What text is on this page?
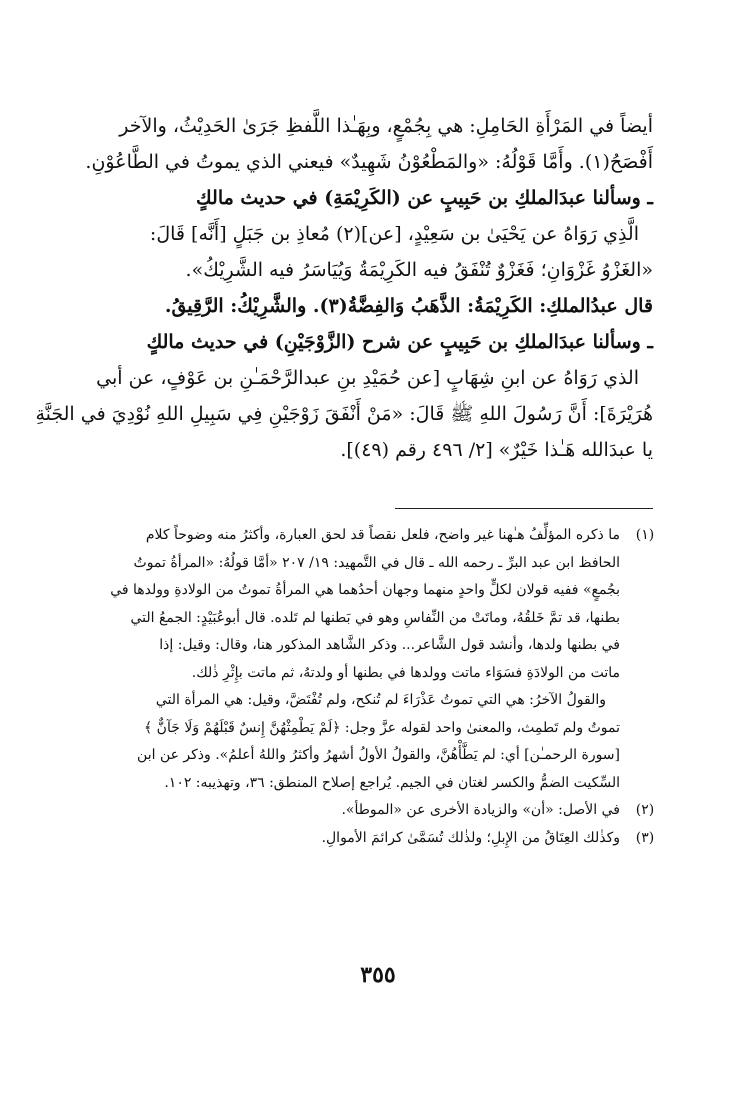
أيضاً في المَرْأَةِ الحَامِلِ: هي بِجُمْعٍ، وبِهَـٰذا اللَّفظِ جَرَىٰ الحَدِيْثُ، والآخر

أَفْصَحُ(١). وأَمَّا قَوْلُهُ: «والمَطْعُوْنُ شَهِيدٌ» فيعني الذي يموتُ في الطَّاعُوْنِ.

ـ وسألنا عبدَالملكِ بن حَبِيبٍ عن (الكَرِيْمَةِ) في حديث مالكٍ

الَّذِي رَوَاهُ عن يَحْيَىٰ بن سَعِيْدٍ، [عن](٢) مُعاذِ بن جَبَلٍ [أَنَّه] قَالَ:

«الغَزْوُ غَزْوَانِ؛ فَغَزْوٌ تُنْفَقُ فيه الكَرِيْمَةُ وَيُيَاسَرُ فيه الشَّرِيْكُ».

قال عبدُالملكِ: الكَرِيْمَةُ: الذَّهَبُ وَالفِضَّةُ(٣). والشَّرِيْكُ: الرَّقِيقُ.

ـ وسألنا عبدَالملكِ بن حَبِيبٍ عن شرح (الزَّوْجَيْنِ) في حديث مالكٍ

الذي رَوَاهُ عن ابنِ شِهَابٍ [عن حُمَيْدِ بنِ عبدالرَّحْمَـٰنِ بن عَوْفٍ، عن أبي

هُرَيْرَةَ]: أَنَّ رَسُولَ اللهِ ﷺ قَالَ: «مَنْ أَنْفَقَ زَوْجَيْنِ فِي سَبِيلِ اللهِ نُوْدِيَ في الجَنَّةِ

يا عبدَالله هَـٰذا خَيْرٌ» [٢/ ٤٩٦ رقم (٤٩)].

(١)

ما ذكره المؤلِّفُ هـٰهنا غير واضح، فلعل نقصاً قد لحق العبارة، وأكثرُ منه وضوحاً كلام

الحافظ ابن عبد البرِّ ـ رحمه الله ـ قال في التَّمهيد: ١٩/ ٢٠٧ «أمَّا قولُهُ: «المرأةُ تموتُ

بجُمعٍ» ففيه قولان لكلٍّ واحدٍ منهما وجهان أحدُهما هي المرأةُ تموتُ من الولادةِ وولدها في

بطنها، قد تمَّ خَلقُهُ، وماتَتْ من النِّفاسِ وهو في بَطنها لم تَلده. قال أبوعُبَيْدٍ: الجمعُ التي

في بطنها ولدها، وأنشد قول الشَّاعر... وذكر الشَّاهد المذكور هنا، وقال: وقيل: إذا

ماتت من الولادَةِ فسَوَاء ماتت وولدها في بطنها أو ولدتهُ، ثم ماتت بإِثْرِ ذٰلك.

والقولُ الآخرُ: هي التي تموتُ عَذْرَاءَ لم تُنكح، ولم تُفْتَضَّ، وقيل: هي المرأة التي

تموتُ ولم تَطمِث، والمعنىٰ واحد لقوله عزَّ وجل: ﴿لَمْ يَطْمِثْهُنَّ إِنسٌ قَبْلَهُمْ وَلَا جَآنٌّ ﴾

[سورة الرحمـٰن] أي: لم يَطَّأْهُنَّ، والقولُ الأولُ أشهرُ وأكثرُ واللهُ أعلمُ». وذكر عن ابن

السِّكيت الضمُّ والكسر لغتان في الجيم. يُراجع إصلاح المنطق: ٣٦، وتهذيبه: ١٠٢.

(٢)

في الأصل: «أن» والزيادة الأخرى عن «الموطأ».

(٣)

وكذٰلك العِتَاقُ من الإِبلِ؛ ولذٰلك تُسَمَّىٰ كرائمَ الأموالِ.

٣٥٥
